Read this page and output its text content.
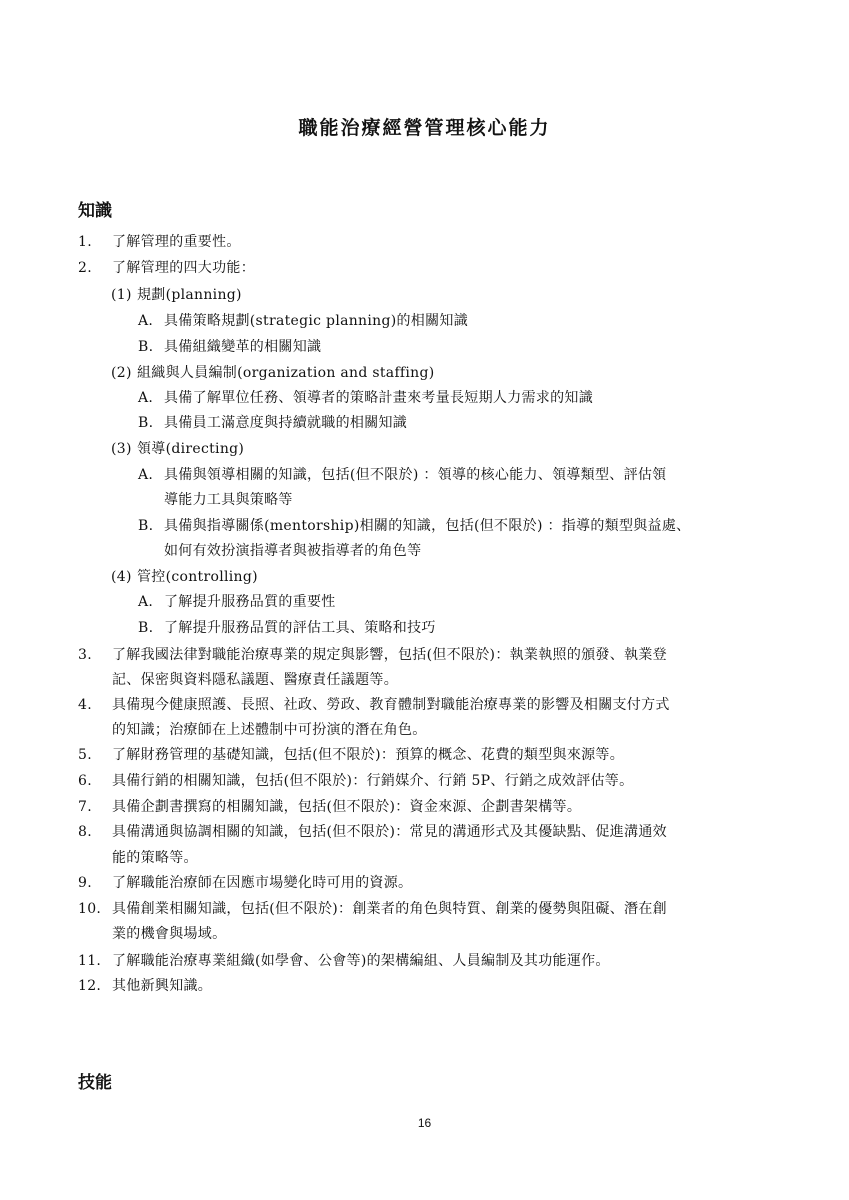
職能治療經營管理核心能力
知識
1. 了解管理的重要性。
2. 了解管理的四大功能：
(1) 規劃(planning)
A. 具備策略規劃(strategic planning)的相關知識
B. 具備組織變革的相關知識
(2) 組織與人員編制(organization and staffing)
A. 具備了解單位任務、領導者的策略計畫來考量長短期人力需求的知識
B. 具備員工滿意度與持續就職的相關知識
(3) 領導(directing)
A. 具備與領導相關的知識，包括(但不限於) ：領導的核心能力、領導類型、評估領
導能力工具與策略等
B. 具備與指導關係(mentorship)相關的知識，包括(但不限於) ：指導的類型與益處、
如何有效扮演指導者與被指導者的角色等
(4) 管控(controlling)
A. 了解提升服務品質的重要性
B. 了解提升服務品質的評估工具、策略和技巧
3. 了解我國法律對職能治療專業的規定與影響，包括(但不限於)：執業執照的頒發、執業登
記、保密與資料隱私議題、醫療責任議題等。
4. 具備現今健康照護、長照、社政、勞政、教育體制對職能治療專業的影響及相關支付方式
的知識；治療師在上述體制中可扮演的潛在角色。
5. 了解財務管理的基礎知識，包括(但不限於)：預算的概念、花費的類型與來源等。
6. 具備行銷的相關知識，包括(但不限於)：行銷媒介、行銷 5P、行銷之成效評估等。
7. 具備企劃書撰寫的相關知識，包括(但不限於)：資金來源、企劃書架構等。
8. 具備溝通與協調相關的知識，包括(但不限於)：常見的溝通形式及其優缺點、促進溝通效
能的策略等。
9. 了解職能治療師在因應市場變化時可用的資源。
10. 具備創業相關知識，包括(但不限於)：創業者的角色與特質、創業的優勢與阻礙、潛在創
業的機會與場域。
11. 了解職能治療專業組織(如學會、公會等)的架構編組、人員編制及其功能運作。
12. 其他新興知識。
技能
16
